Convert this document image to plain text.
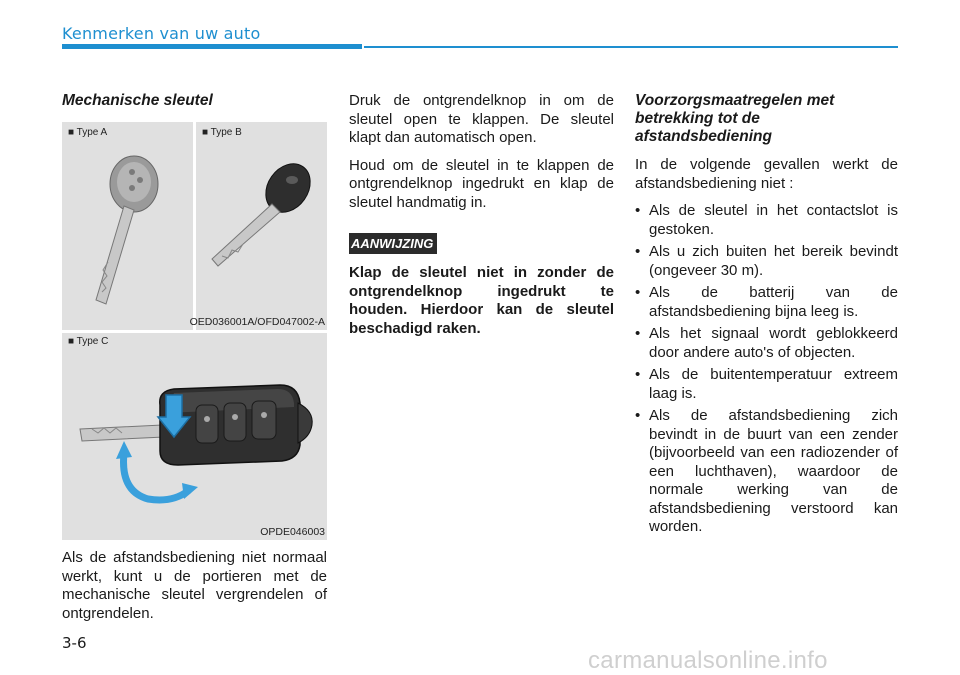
Kenmerken van uw auto
Mechanische sleutel
■ Type A	■ Type B
OED036001A/OFD047002-A
■ Type C
OPDE046003

Als de afstandsbediening niet normaal werkt, kunt u de portieren met de mechanische sleutel vergrendelen of ontgrendelen.

Druk de ontgrendelknop in om de sleutel open te klappen. De sleutel klapt dan automatisch open.

Houd om de sleutel in te klappen de ontgrendelknop ingedrukt en klap de sleutel handmatig in.

AANWIJZING

Klap de sleutel niet in zonder de ontgrendelknop ingedrukt te houden. Hierdoor kan de sleutel beschadigd raken.

Voorzorgsmaatregelen met
betrekking tot de
afstandsbediening

In de volgende gevallen werkt de afstandsbediening niet :

• Als de sleutel in het contactslot is gestoken.
• Als u zich buiten het bereik bevindt (ongeveer 30 m).
• Als de batterij van de afstandsbediening bijna leeg is.
• Als het signaal wordt geblokkeerd door andere auto's of objecten.
• Als de buitentemperatuur extreem laag is.
• Als de afstandsbediening zich bevindt in de buurt van een zender (bijvoorbeeld van een radiozender of een luchthaven), waardoor de normale werking van de afstandsbediening verstoord kan worden.
3-6
carmanualsonline.info
